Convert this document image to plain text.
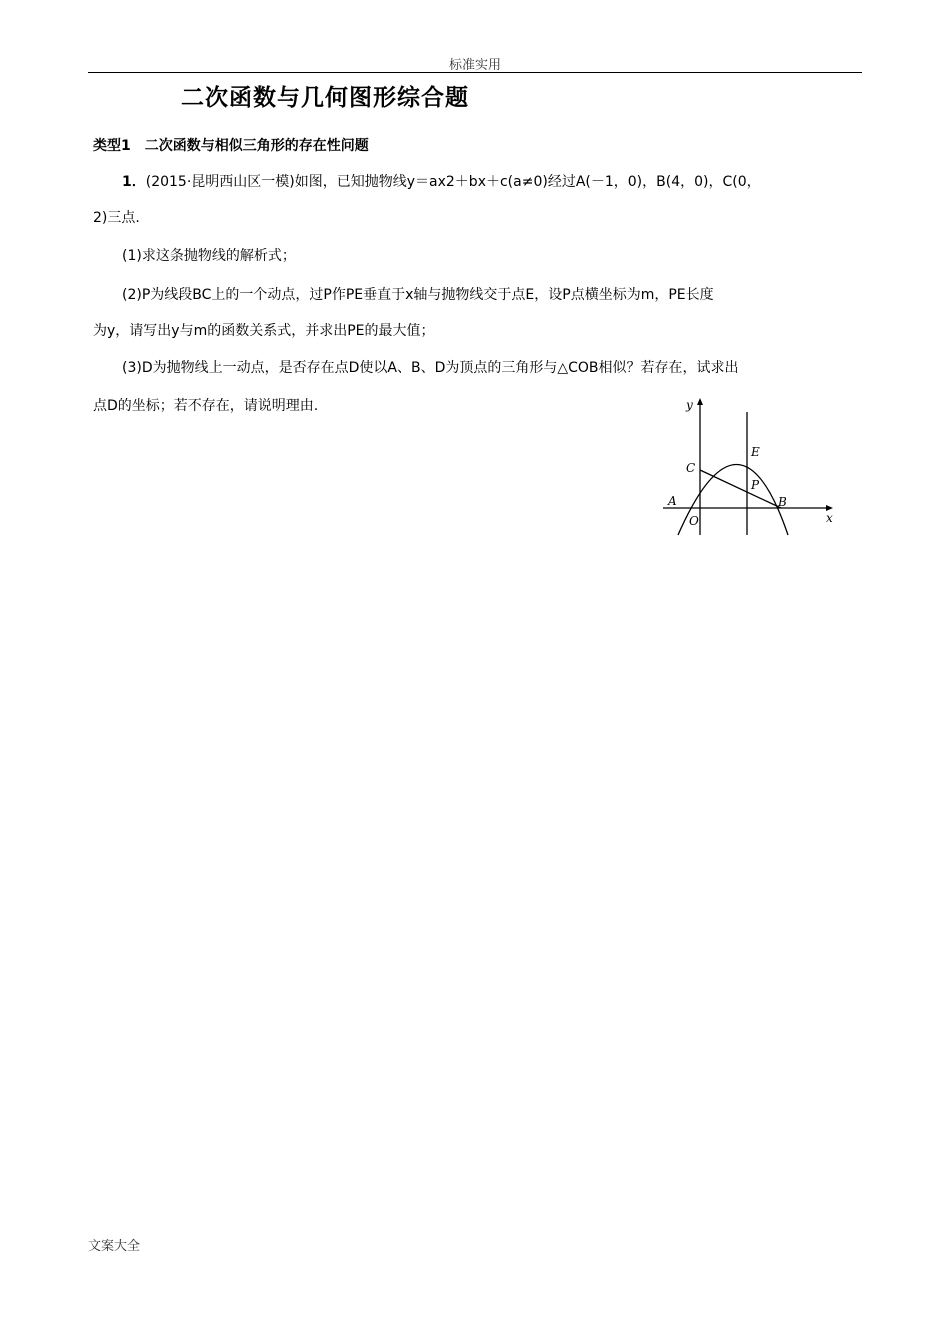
标准实用
二次函数与几何图形综合题
类型1　二次函数与相似三角形的存在性问题
1．(2015·昆明西山区一模)如图，已知抛物线y＝ax2＋bx＋c(a≠0)经过A(－1，0)，B(4，0)，C(0，
2)三点.
(1)求这条抛物线的解析式；
(2)P为线段BC上的一个动点，过P作PE垂直于x轴与抛物线交于点E，设P点横坐标为m，PE长度
为y，请写出y与m的函数关系式，并求出PE的最大值；
(3)D为抛物线上一动点，是否存在点D使以A、B、D为顶点的三角形与△COB相似？若存在，试求出
点D的坐标；若不存在，请说明理由.	y
x
O
A	B
C
E
P
文案大全
